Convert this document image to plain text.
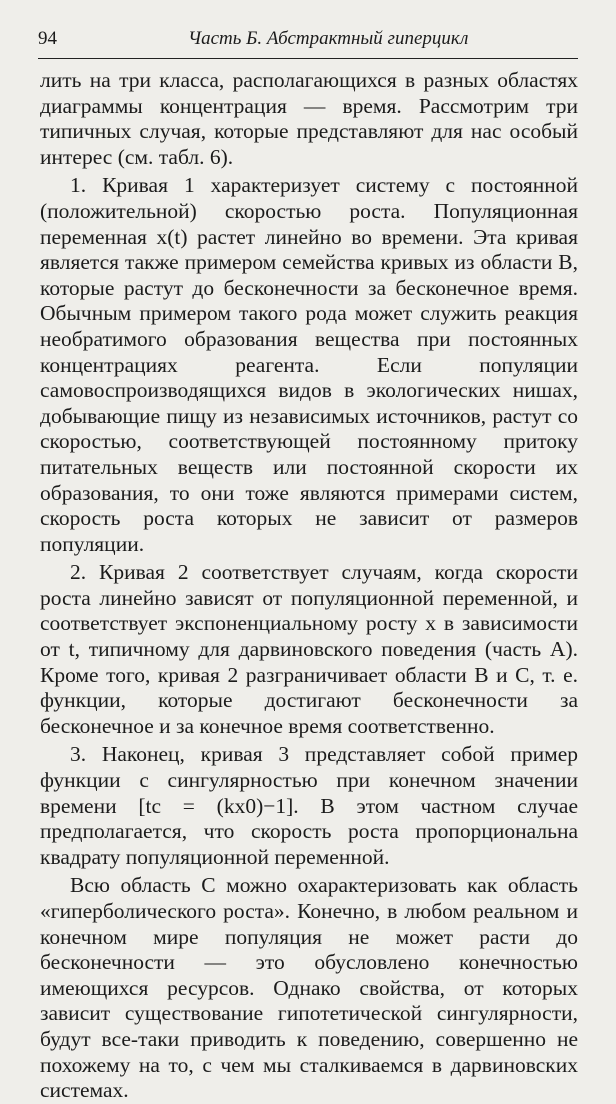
94	Часть Б. Абстрактный гиперцикл

лить на три класса, располагающихся в разных областях диаграммы концентрация — время. Рассмотрим три типичных случая, которые представляют для нас особый интерес (см. табл. 6).

1. Кривая 1 характеризует систему с постоянной (положительной) скоростью роста. Популяционная переменная x(t) растет линейно во времени. Эта кривая является также примером семейства кривых из области В, которые растут до бесконечности за бесконечное время. Обычным примером такого рода может служить реакция необратимого образования вещества при постоянных концентрациях реагента. Если популяции самовоспроизводящихся видов в экологических нишах, добывающие пищу из независимых источников, растут со скоростью, соответствующей постоянному притоку питательных веществ или постоянной скорости их образования, то они тоже являются примерами систем, скорость роста которых не зависит от размеров популяции.

2. Кривая 2 соответствует случаям, когда скорости роста линейно зависят от популяционной переменной, и соответствует экспоненциальному росту x в зависимости от t, типичному для дарвиновского поведения (часть А). Кроме того, кривая 2 разграничивает области B и C, т. е. функции, которые достигают бесконечности за бесконечное и за конечное время соответственно.

3. Наконец, кривая 3 представляет собой пример функции с сингулярностью при конечном значении времени [tc = (kx0)−1]. В этом частном случае предполагается, что скорость роста пропорциональна квадрату популяционной переменной.

Всю область C можно охарактеризовать как область «гиперболического роста». Конечно, в любом реальном и конечном мире популяция не может расти до бесконечности — это обусловлено конечностью имеющихся ресурсов. Однако свойства, от которых зависит существование гипотетической сингулярности, будут все-таки приводить к поведению, совершенно не похожему на то, с чем мы сталкиваемся в дарвиновских системах.
